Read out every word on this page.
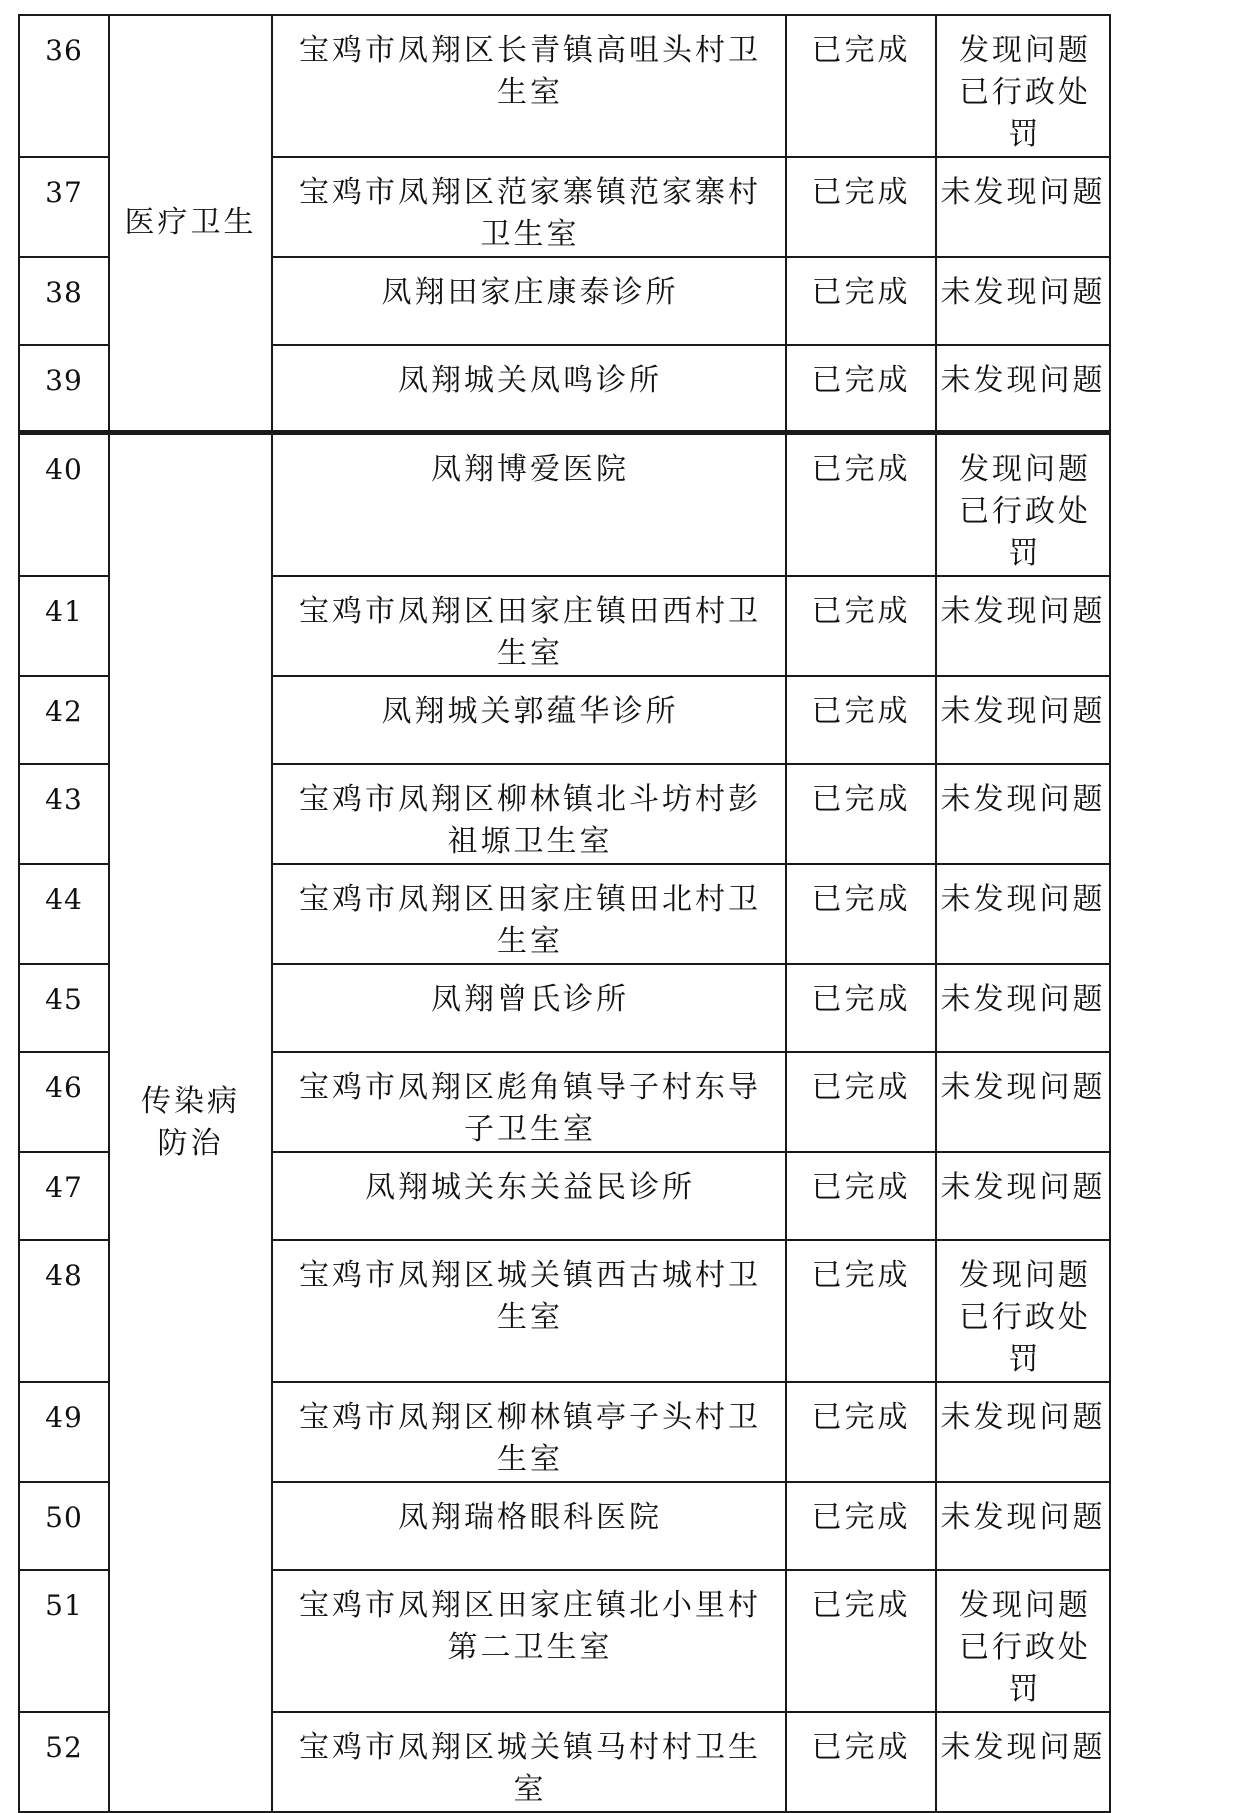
36	医疗卫生	宝鸡市凤翔区长青镇高咀头村卫生室	已完成	发现问题已行政处罚
37		宝鸡市凤翔区范家寨镇范家寨村卫生室	已完成	未发现问题
38		凤翔田家庄康泰诊所	已完成	未发现问题
39		凤翔城关凤鸣诊所	已完成	未发现问题
40	传染病防治	凤翔博爱医院	已完成	发现问题已行政处罚
41		宝鸡市凤翔区田家庄镇田西村卫生室	已完成	未发现问题
42		凤翔城关郭蕴华诊所	已完成	未发现问题
43		宝鸡市凤翔区柳林镇北斗坊村彭祖塬卫生室	已完成	未发现问题
44		宝鸡市凤翔区田家庄镇田北村卫生室	已完成	未发现问题
45		凤翔曾氏诊所	已完成	未发现问题
46		宝鸡市凤翔区彪角镇导子村东导子卫生室	已完成	未发现问题
47		凤翔城关东关益民诊所	已完成	未发现问题
48		宝鸡市凤翔区城关镇西古城村卫生室	已完成	发现问题已行政处罚
49		宝鸡市凤翔区柳林镇亭子头村卫生室	已完成	未发现问题
50		凤翔瑞格眼科医院	已完成	未发现问题
51		宝鸡市凤翔区田家庄镇北小里村第二卫生室	已完成	发现问题已行政处罚
52		宝鸡市凤翔区城关镇马村村卫生室	已完成	未发现问题
